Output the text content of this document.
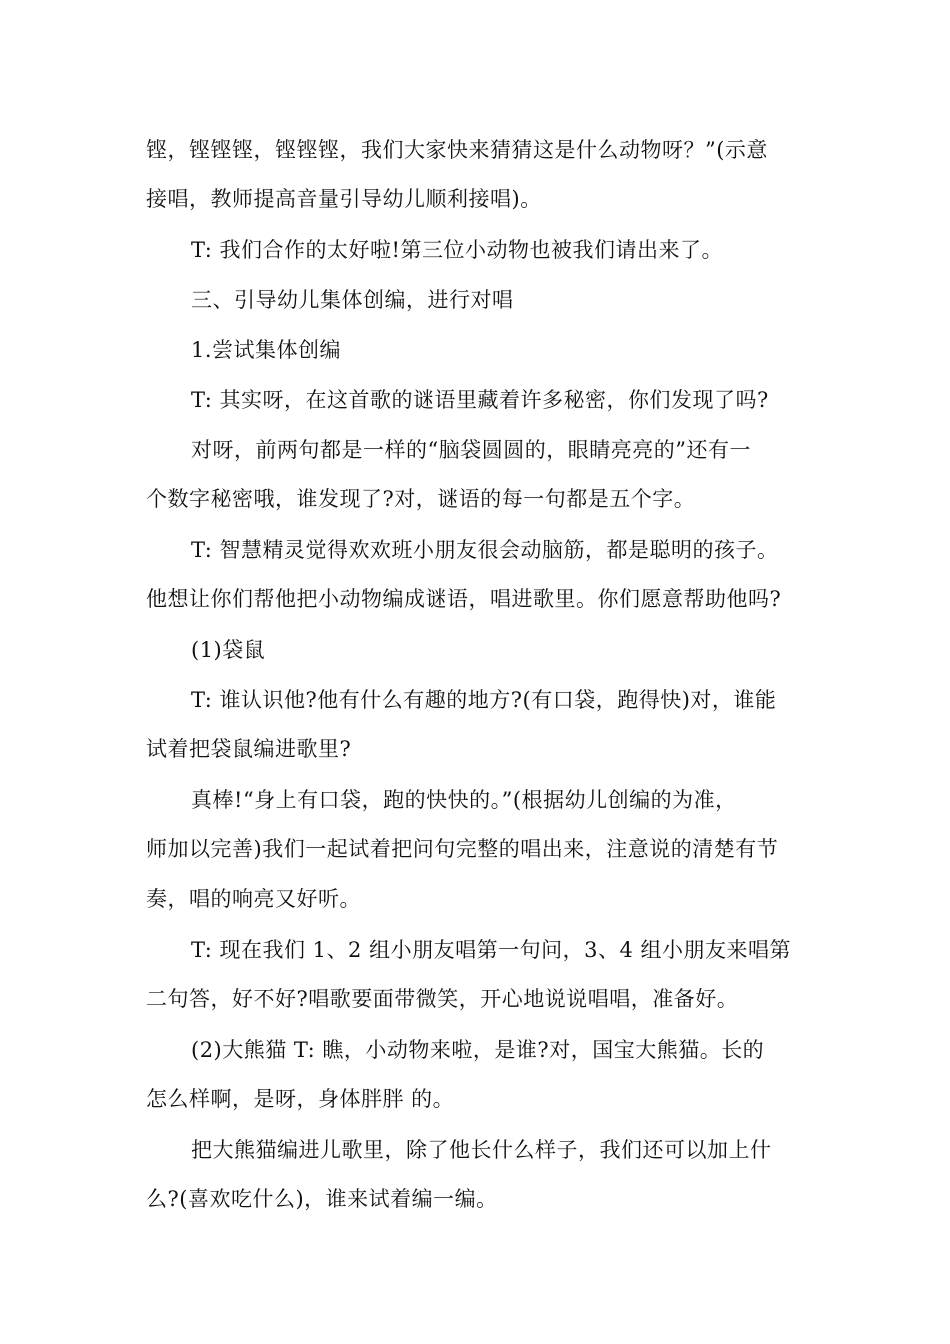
铿，铿铿铿，铿铿铿，我们大家快来猜猜这是什么动物呀？”(示意
接唱，教师提高音量引导幼儿顺利接唱)。
T: 我们合作的太好啦!第三位小动物也被我们请出来了。
三、引导幼儿集体创编，进行对唱
1.尝试集体创编
T: 其实呀，在这首歌的谜语里藏着许多秘密，你们发现了吗?
对呀，前两句都是一样的“脑袋圆圆的，眼睛亮亮的”还有一
个数字秘密哦，谁发现了?对，谜语的每一句都是五个字。
T: 智慧精灵觉得欢欢班小朋友很会动脑筋，都是聪明的孩子。
他想让你们帮他把小动物编成谜语，唱进歌里。你们愿意帮助他吗?
(1)袋鼠
T: 谁认识他?他有什么有趣的地方?(有口袋，跑得快)对，谁能
试着把袋鼠编进歌里?
真棒!“身上有口袋，跑的快快的。”(根据幼儿创编的为准，
师加以完善)我们一起试着把问句完整的唱出来，注意说的清楚有节
奏，唱的响亮又好听。
T: 现在我们 1、2 组小朋友唱第一句问，3、4 组小朋友来唱第
二句答，好不好?唱歌要面带微笑，开心地说说唱唱，准备好。
(2)大熊猫 T: 瞧，小动物来啦，是谁?对，国宝大熊猫。长的
怎么样啊，是呀，身体胖胖 的。
把大熊猫编进儿歌里，除了他长什么样子，我们还可以加上什
么?(喜欢吃什么)，谁来试着编一编。
